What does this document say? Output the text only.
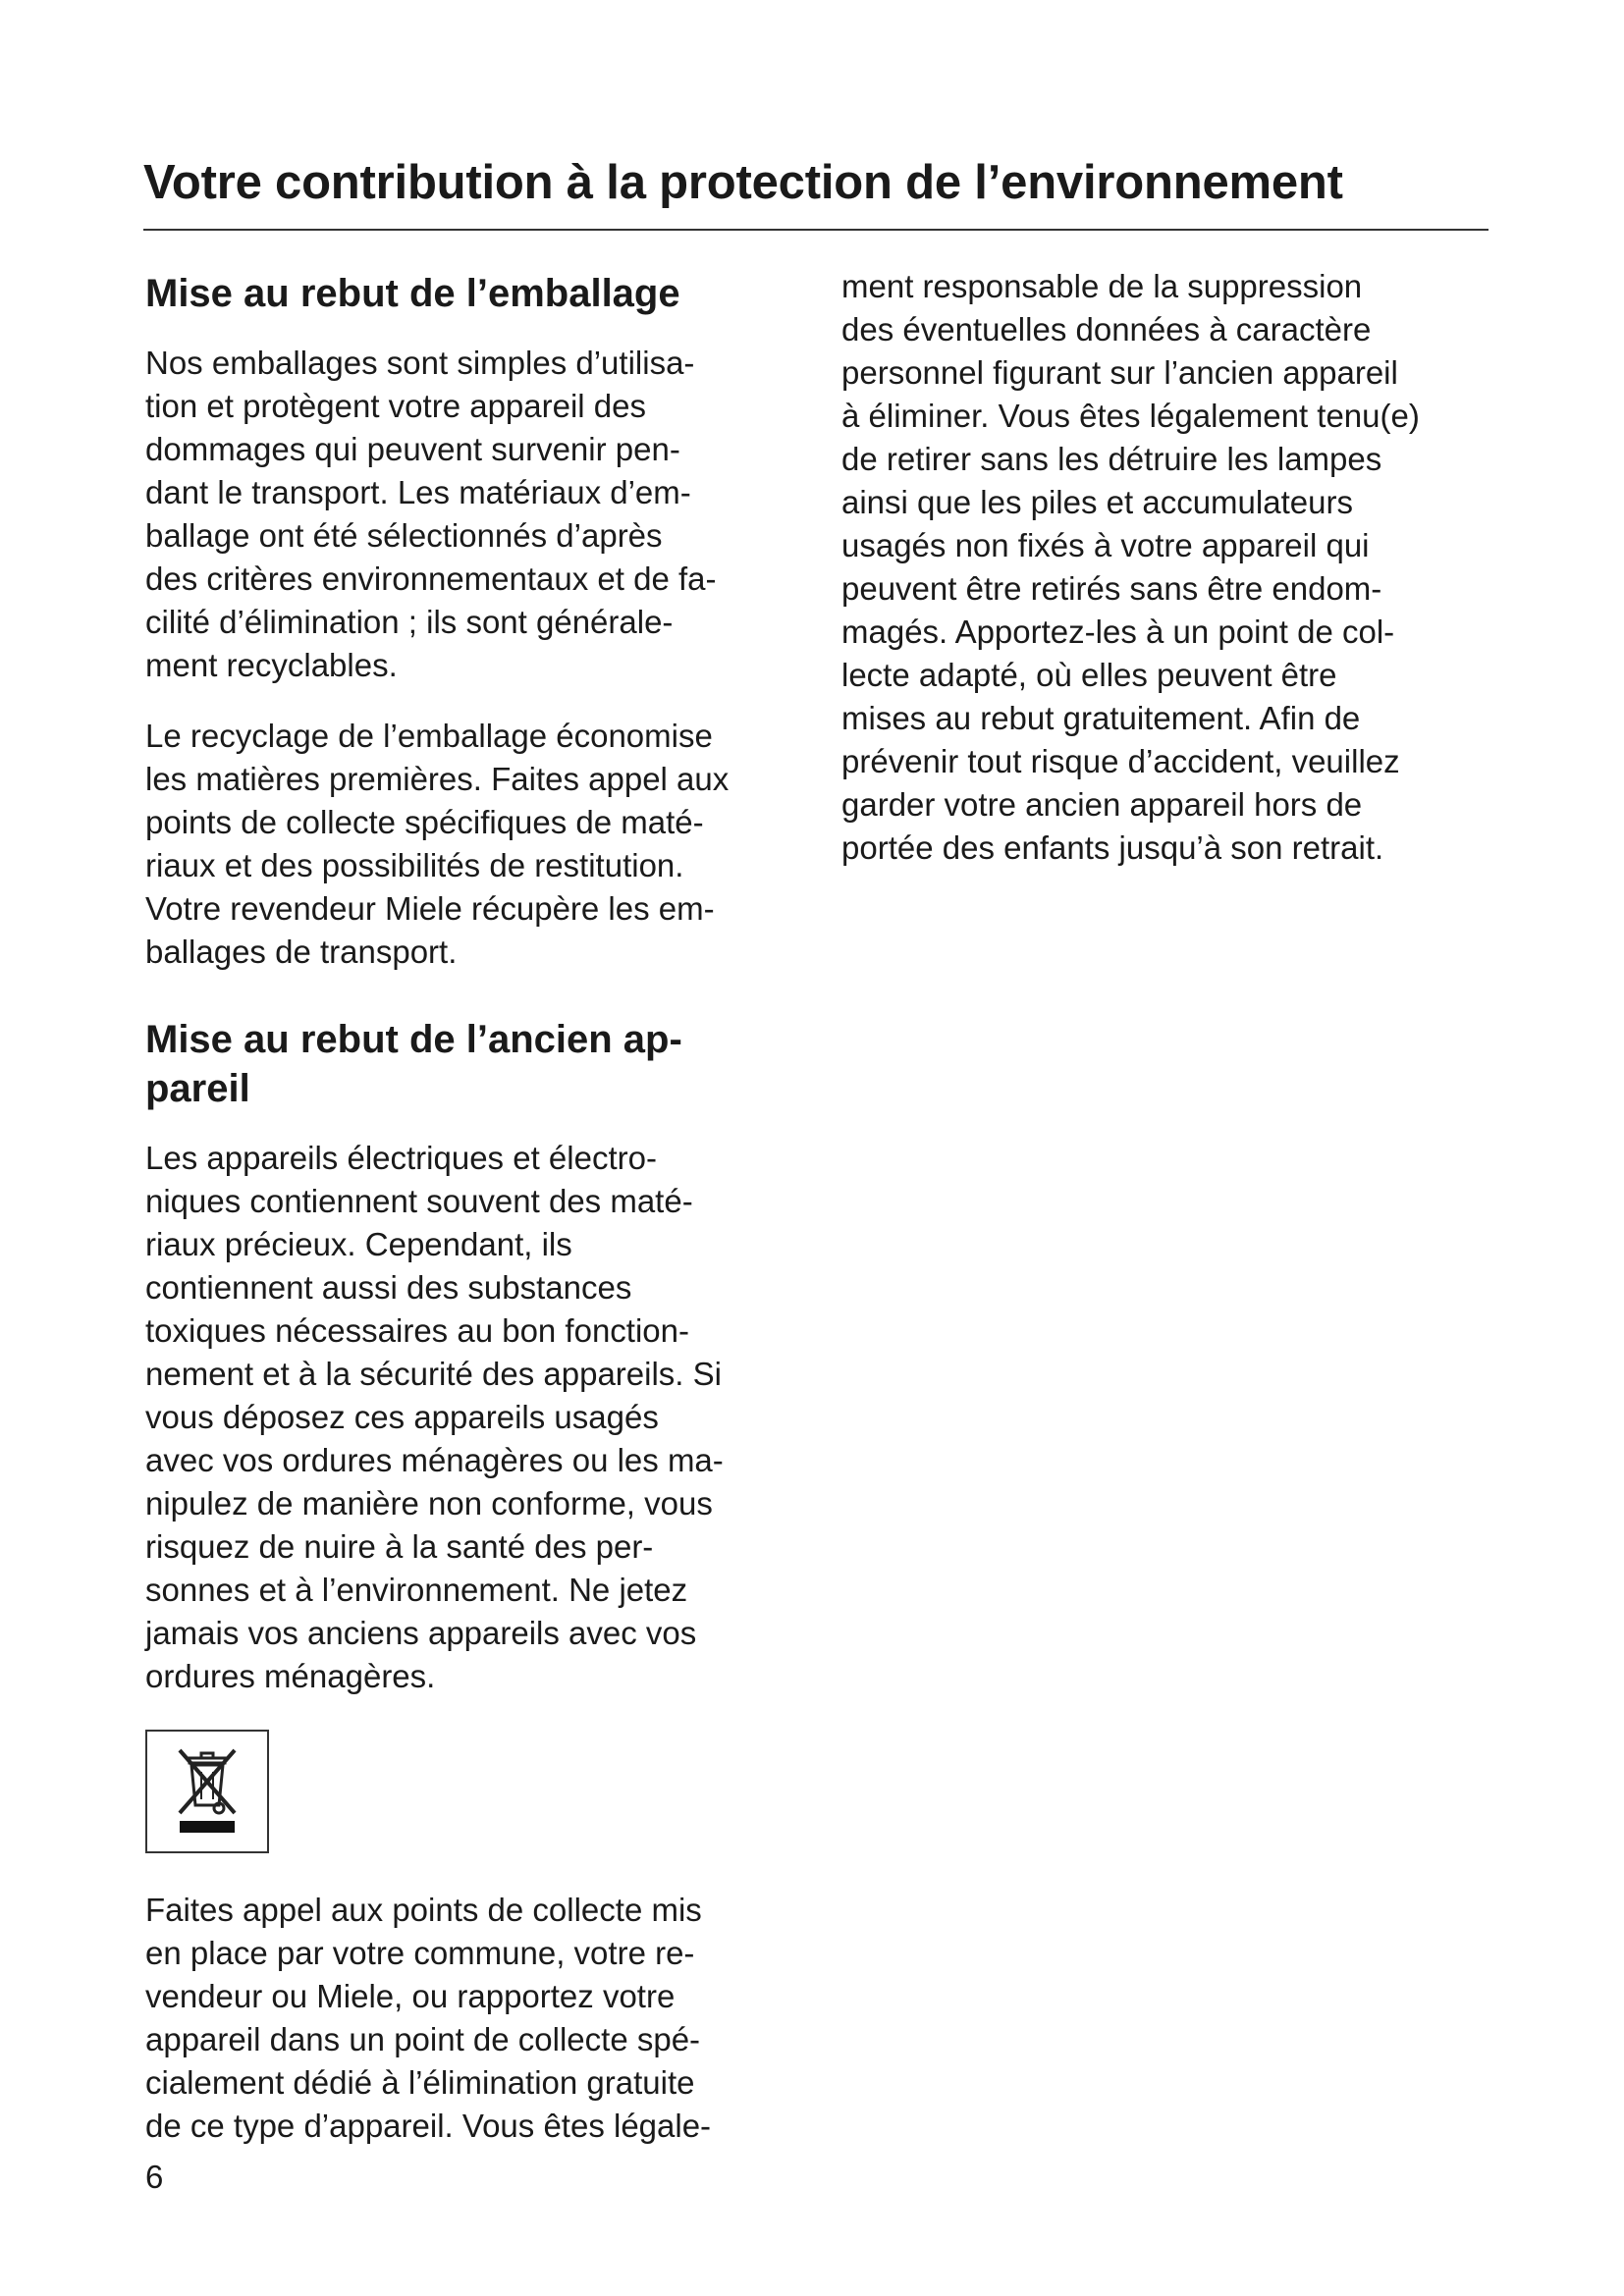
Votre contribution à la protection de l’environnement
Mise au rebut de l’emballage

Nos emballages sont simples d’utilisa-

tion et protègent votre appareil des

dommages qui peuvent survenir pen-

dant le transport. Les matériaux d’em-

ballage ont été sélectionnés d’après

des critères environnementaux et de fa-

cilité d’élimination ; ils sont générale-

ment recyclables.

Le recyclage de l’emballage économise

les matières premières. Faites appel aux

points de collecte spécifiques de maté-

riaux et des possibilités de restitution.

Votre revendeur Miele récupère les em-

ballages de transport.

Mise au rebut de l’ancien ap-
pareil

Les appareils électriques et électro-

niques contiennent souvent des maté-

riaux précieux. Cependant, ils

contiennent aussi des substances

toxiques nécessaires au bon fonction-

nement et à la sécurité des appareils. Si

vous déposez ces appareils usagés

avec vos ordures ménagères ou les ma-

nipulez de manière non conforme, vous

risquez de nuire à la santé des per-

sonnes et à l’environnement. Ne jetez

jamais vos anciens appareils avec vos

ordures ménagères.

Faites appel aux points de collecte mis

en place par votre commune, votre re-

vendeur ou Miele, ou rapportez votre

appareil dans un point de collecte spé-

cialement dédié à l’élimination gratuite

de ce type d’appareil. Vous êtes légale-

ment responsable de la suppression

des éventuelles données à caractère

personnel figurant sur l’ancien appareil

à éliminer. Vous êtes légalement tenu(e)

de retirer sans les détruire les lampes

ainsi que les piles et accumulateurs

usagés non fixés à votre appareil qui

peuvent être retirés sans être endom-

magés. Apportez-les à un point de col-

lecte adapté, où elles peuvent être

mises au rebut gratuitement. Afin de

prévenir tout risque d’accident, veuillez

garder votre ancien appareil hors de

portée des enfants jusqu’à son retrait.

6
